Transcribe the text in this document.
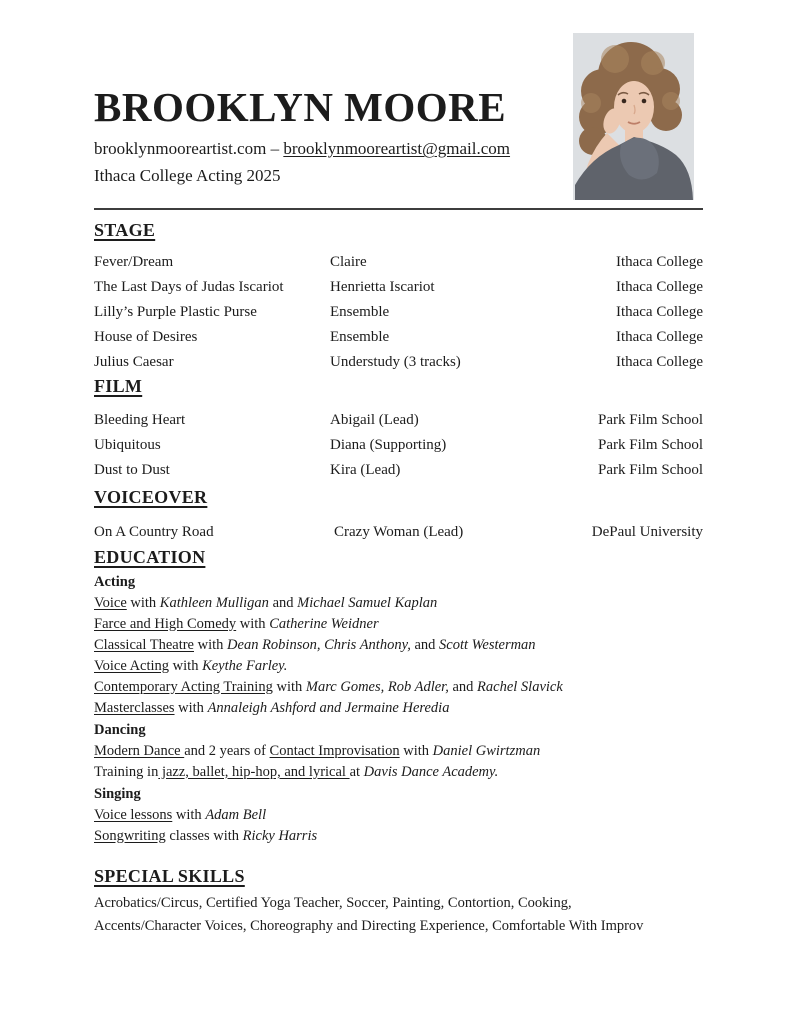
BROOKLYN MOORE
brooklynmooreartist.com – brooklynmooreartist@gmail.com
Ithaca College Acting 2025
STAGE
Fever/Dream	Claire	Ithaca College
The Last Days of Judas Iscariot	Henrietta Iscariot	Ithaca College
Lilly’s Purple Plastic Purse	Ensemble	Ithaca College
House of Desires	Ensemble	Ithaca College
Julius Caesar	Understudy (3 tracks)	Ithaca College
FILM
Bleeding Heart	Abigail (Lead)	Park Film School
Ubiquitous	Diana (Supporting)	Park Film School
Dust to Dust	Kira (Lead)	Park Film School
VOICEOVER
On A Country Road	Crazy Woman (Lead)	DePaul University
EDUCATION
Acting
Voice with Kathleen Mulligan and Michael Samuel Kaplan
Farce and High Comedy with Catherine Weidner
Classical Theatre with Dean Robinson, Chris Anthony, and Scott Westerman
Voice Acting with Keythe Farley.
Contemporary Acting Training with Marc Gomes, Rob Adler, and Rachel Slavick
Masterclasses with Annaleigh Ashford and Jermaine Heredia
Dancing
Modern Dance and 2 years of Contact Improvisation with Daniel Gwirtzman
Training in jazz, ballet, hip-hop, and lyrical at Davis Dance Academy.
Singing
Voice lessons with Adam Bell
Songwriting classes with Ricky Harris
SPECIAL SKILLS
Acrobatics/Circus, Certified Yoga Teacher, Soccer, Painting, Contortion, Cooking,
Accents/Character Voices, Choreography and Directing Experience, Comfortable With Improv
